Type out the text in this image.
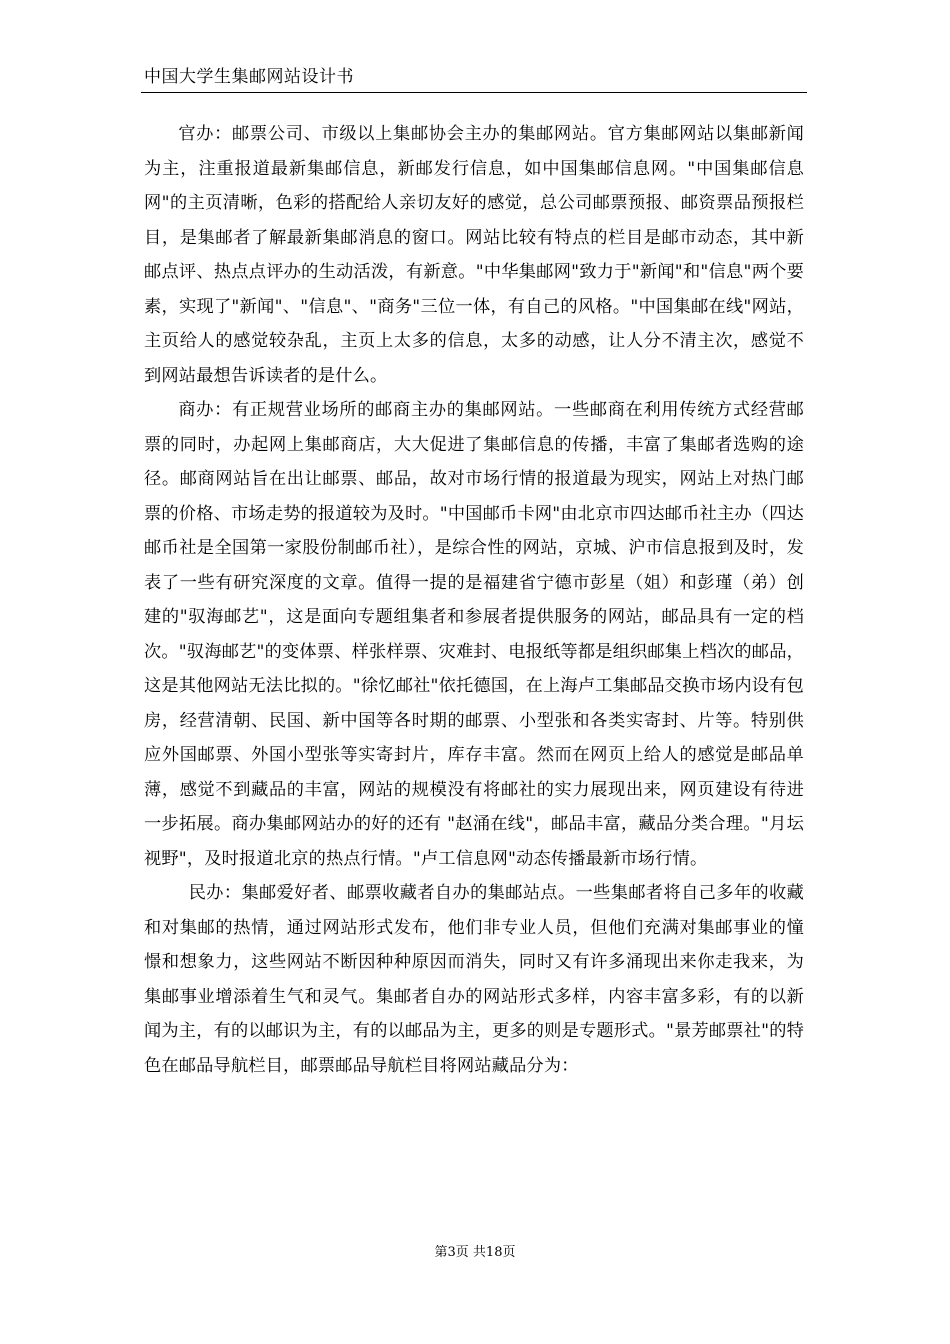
中国大学生集邮网站设计书

官办：邮票公司、市级以上集邮协会主办的集邮网站。官方集邮网站以集邮新闻为主，注重报道最新集邮信息，新邮发行信息，如中国集邮信息网。"中国集邮信息网"的主页清晰，色彩的搭配给人亲切友好的感觉，总公司邮票预报、邮资票品预报栏目，是集邮者了解最新集邮消息的窗口。网站比较有特点的栏目是邮市动态，其中新邮点评、热点点评办的生动活泼，有新意。"中华集邮网"致力于"新闻"和"信息"两个要素，实现了"新闻"、"信息"、"商务"三位一体，有自己的风格。"中国集邮在线"网站，主页给人的感觉较杂乱，主页上太多的信息，太多的动感，让人分不清主次，感觉不到网站最想告诉读者的是什么。

商办：有正规营业场所的邮商主办的集邮网站。一些邮商在利用传统方式经营邮票的同时，办起网上集邮商店，大大促进了集邮信息的传播，丰富了集邮者选购的途径。邮商网站旨在出让邮票、邮品，故对市场行情的报道最为现实，网站上对热门邮票的价格、市场走势的报道较为及时。"中国邮币卡网"由北京市四达邮币社主办（四达邮币社是全国第一家股份制邮币社），是综合性的网站，京城、沪市信息报到及时，发表了一些有研究深度的文章。值得一提的是福建省宁德市彭星（姐）和彭瑾（弟）创建的"驭海邮艺"，这是面向专题组集者和参展者提供服务的网站，邮品具有一定的档次。"驭海邮艺"的变体票、样张样票、灾难封、电报纸等都是组织邮集上档次的邮品，这是其他网站无法比拟的。"徐忆邮社"依托德国，在上海卢工集邮品交换市场内设有包房，经营清朝、民国、新中国等各时期的邮票、小型张和各类实寄封、片等。特别供应外国邮票、外国小型张等实寄封片，库存丰富。然而在网页上给人的感觉是邮品单薄，感觉不到藏品的丰富，网站的规模没有将邮社的实力展现出来，网页建设有待进一步拓展。商办集邮网站办的好的还有 "赵涌在线"，邮品丰富，藏品分类合理。"月坛视野"，及时报道北京的热点行情。"卢工信息网"动态传播最新市场行情。

民办：集邮爱好者、邮票收藏者自办的集邮站点。一些集邮者将自己多年的收藏和对集邮的热情，通过网站形式发布，他们非专业人员，但他们充满对集邮事业的憧憬和想象力，这些网站不断因种种原因而消失，同时又有许多涌现出来你走我来，为集邮事业增添着生气和灵气。集邮者自办的网站形式多样，内容丰富多彩，有的以新闻为主，有的以邮识为主，有的以邮品为主，更多的则是专题形式。"景芳邮票社"的特色在邮品导航栏目，邮票邮品导航栏目将网站藏品分为：

第3页 共18页
